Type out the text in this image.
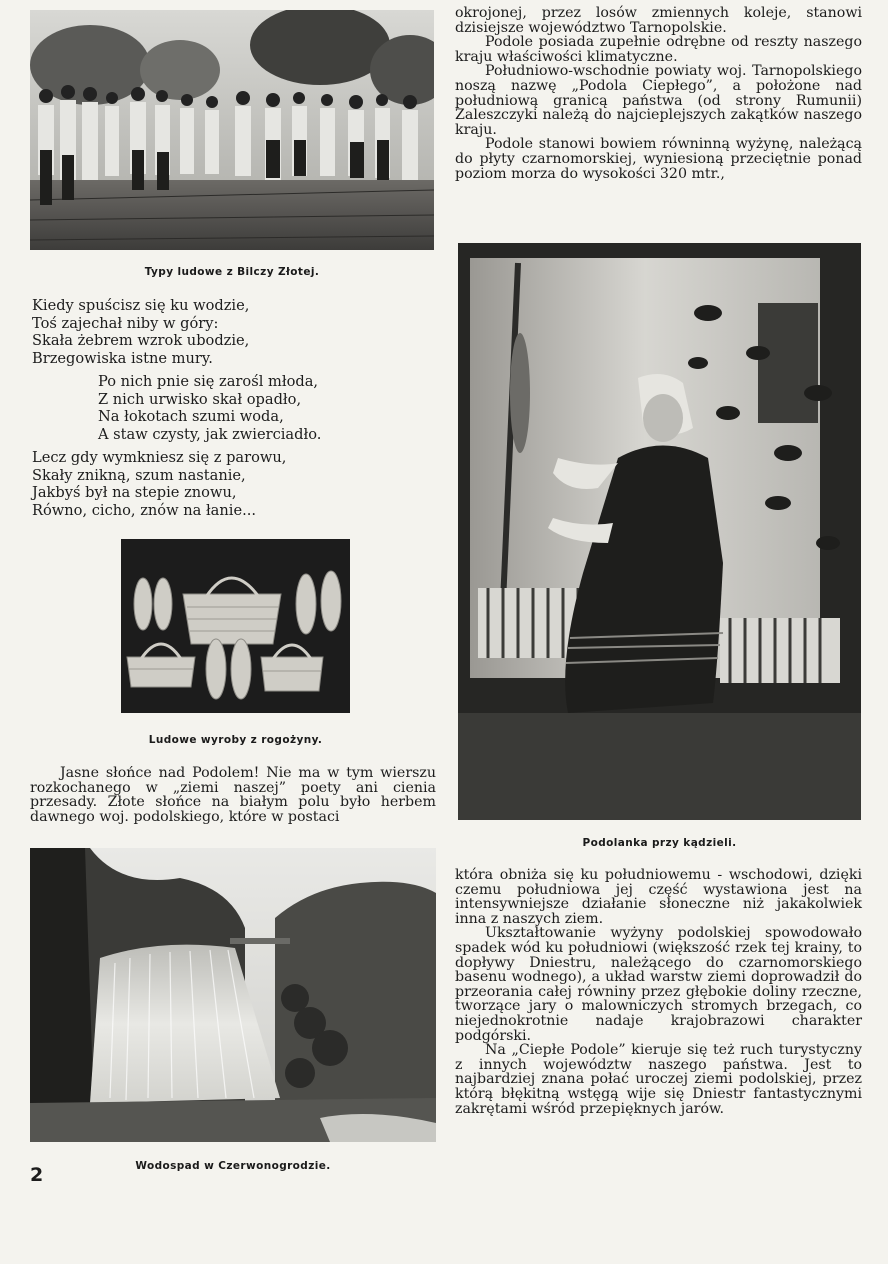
Typy ludowe z Bilczy Złotej.
Kiedy spuścisz się ku wodzie,
Toś zajechał niby w góry:
Skała żebrem wzrok ubodzie,
Brzegowiska istne mury.
Po nich pnie się zarośl młoda,
Z nich urwisko skał opadło,
Na łokotach szumi woda,
A staw czysty, jak zwierciadło.
Lecz gdy wymkniesz się z parowu,
Skały znikną, szum nastanie,
Jakbyś był na stepie znowu,
Równo, cicho, znów na łanie...
Ludowe wyroby z rogożyny.

Jasne słońce nad Podolem! Nie ma w tym wierszu rozkochanego w „ziemi naszej” poety ani cienia przesady. Złote słońce na białym polu było herbem dawnego woj. podolskiego, które w postaci

Wodospad w Czerwonogrodzie.

okrojonej, przez losów zmiennych koleje, stanowi dzisiejsze województwo Tarnopolskie.

Podole posiada zupełnie odrębne od reszty naszego kraju właściwości klimatyczne.

Południowo-wschodnie powiaty woj. Tarnopolskiego noszą nazwę „Podola Ciepłego”, a położone nad południową granicą państwa (od strony Rumunii) Zaleszczyki należą do najcieplejszych zakątków naszego kraju.

Podole stanowi bowiem równinną wyżynę, należącą do płyty czarnomorskiej, wyniesioną przeciętnie ponad poziom morza do wysokości 320 mtr.,

Podolanka przy kądzieli.

która obniża się ku południowemu - wschodowi, dzięki czemu południowa jej część wystawiona jest na intensywniejsze działanie słoneczne niż jakakolwiek inna z naszych ziem.

Ukształtowanie wyżyny podolskiej spowodowało spadek wód ku południowi (większość rzek tej krainy, to dopływy Dniestru, należącego do czarnomorskiego basenu wodnego), a układ warstw ziemi doprowadził do przeorania całej równiny przez głębokie doliny rzeczne, tworzące jary o malowniczych stromych brzegach, co niejednokrotnie nadaje krajobrazowi charakter podgórski.

Na „Ciepłe Podole” kieruje się też ruch turystyczny z innych województw naszego państwa. Jest to najbardziej znana połać uroczej ziemi podolskiej, przez którą błękitną wstęgą wije się Dniestr fantastycznymi zakrętami wśród przepięknych jarów.

2
